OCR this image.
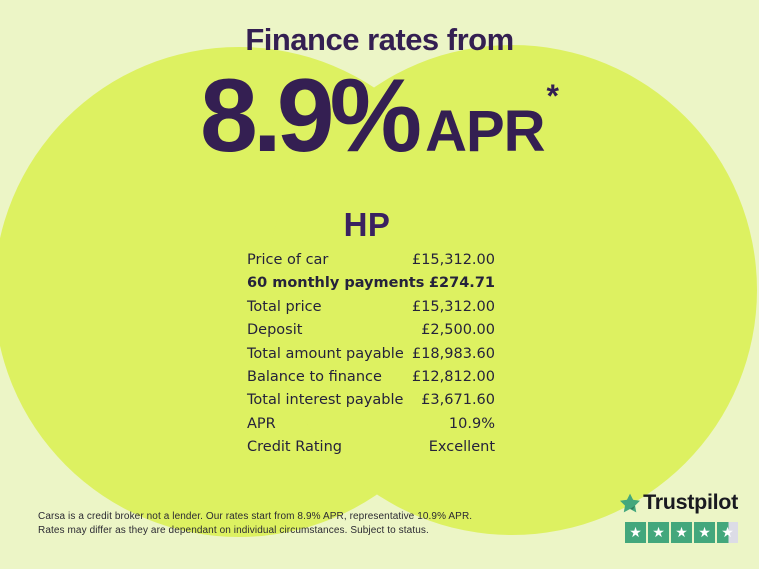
Finance rates from
8.9% APR
*
HP
Price of car	£15,312.00
60 monthly payments £274.71
Total price	£15,312.00
Deposit	£2,500.00
Total amount payable £18,983.60
Balance to finance £12,812.00
Total interest payable £3,671.60
APR	10.9%
Credit Rating	Excellent
Carsa is a credit broker not a lender. Our rates start from 8.9% APR, representative 10.9% APR.
Rates may differ as they are dependant on individual circumstances. Subject to status.
Trustpilot
★ ★ ★ ★ ★
